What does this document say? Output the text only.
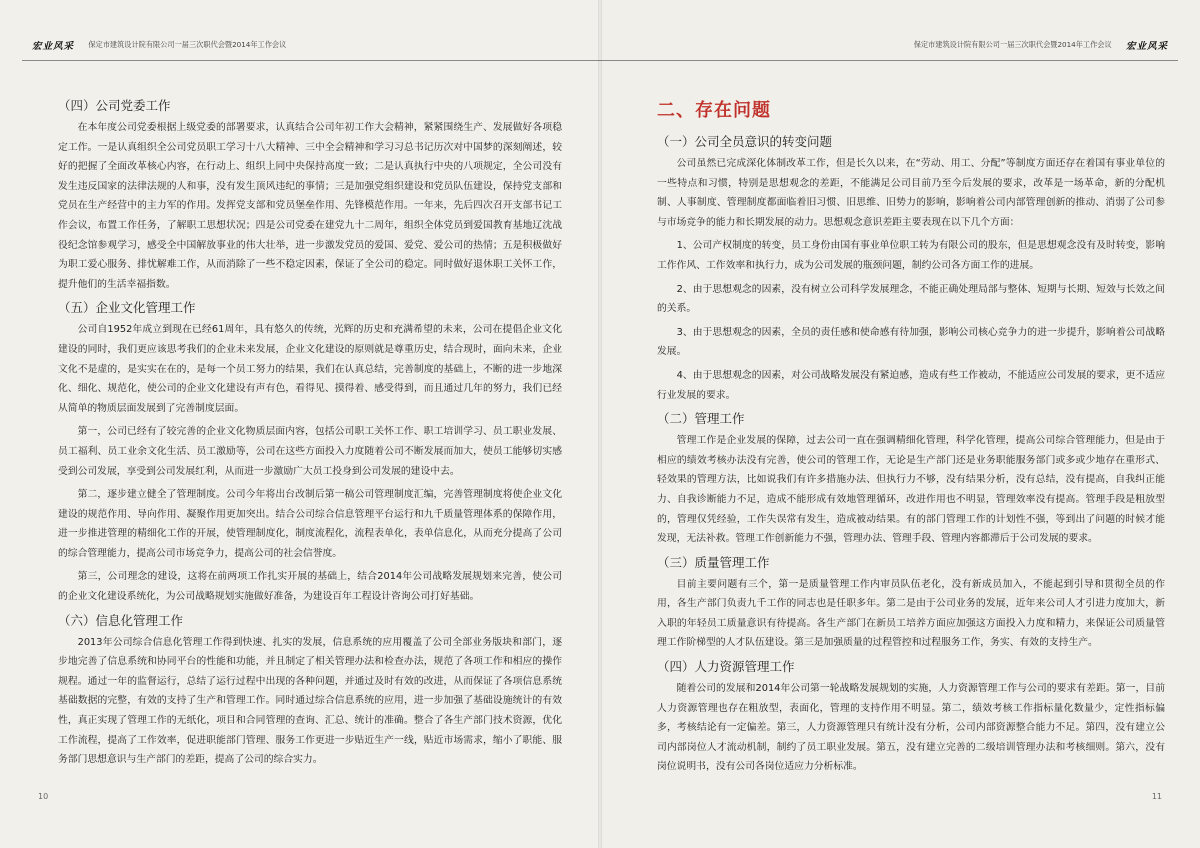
宏业风采 保定市建筑设计院有限公司一届三次职代会暨2014年工作会议
（四）公司党委工作

在本年度公司党委根据上级党委的部署要求，认真结合公司年初工作大会精神，紧紧围绕生产、发展做好各项稳定工作。一是认真组织全公司党员职工学习十八大精神、三中全会精神和学习习总书记历次对中国梦的深刻阐述，较好的把握了全面改革核心内容，在行动上、组织上同中央保持高度一致；二是认真执行中央的八项规定，全公司没有发生违反国家的法律法规的人和事，没有发生顶风违纪的事情；三是加强党组织建设和党员队伍建设，保持党支部和党员在生产经营中的主力军的作用。发挥党支部和党员堡垒作用、先锋模范作用。一年来，先后四次召开支部书记工作会议，布置工作任务，了解职工思想状况；四是公司党委在建党九十二周年，组织全体党员到爱国教育基地辽沈战役纪念馆参观学习，感受全中国解放事业的伟大壮举，进一步激发党员的爱国、爱党、爱公司的热情；五是积极做好为职工爱心服务、排忧解难工作，从而消除了一些不稳定因素，保证了全公司的稳定。同时做好退休职工关怀工作，提升他们的生活幸福指数。

（五）企业文化管理工作

公司自1952年成立到现在已经61周年，具有悠久的传统，光辉的历史和充满希望的未来，公司在提倡企业文化建设的同时，我们更应该思考我们的企业未来发展，企业文化建设的原则就是尊重历史，结合现时，面向未来，企业文化不是虚的，是实实在在的，是每一个员工努力的结果，我们在认真总结，完善制度的基础上，不断的进一步地深化、细化、规范化，使公司的企业文化建设有声有色，看得见、摸得着、感受得到，而且通过几年的努力，我们已经从简单的物质层面发展到了完善制度层面。

第一，公司已经有了较完善的企业文化物质层面内容，包括公司职工关怀工作、职工培训学习、员工职业发展、员工福利、员工业余文化生活、员工激励等，公司在这些方面投入力度随着公司不断发展而加大，使员工能够切实感受到公司发展，享受到公司发展红利，从而进一步激励广大员工投身到公司发展的建设中去。

第二，逐步建立健全了管理制度。公司今年将出台改制后第一稿公司管理制度汇编，完善管理制度将使企业文化建设的规范作用、导向作用、凝聚作用更加突出。结合公司综合信息管理平台运行和九千质量管理体系的保障作用，进一步推进管理的精细化工作的开展，使管理制度化，制度流程化，流程表单化，表单信息化，从而充分提高了公司的综合管理能力，提高公司市场竞争力，提高公司的社会信誉度。

第三，公司理念的建设，这将在前两项工作扎实开展的基础上，结合2014年公司战略发展规划来完善，使公司的企业文化建设系统化，为公司战略规划实施做好准备，为建设百年工程设计咨询公司打好基础。

（六）信息化管理工作

2013年公司综合信息化管理工作得到快速、扎实的发展，信息系统的应用覆盖了公司全部业务版块和部门，逐步地完善了信息系统和协同平台的性能和功能，并且制定了相关管理办法和检查办法，规范了各项工作和相应的操作规程。通过一年的监督运行，总结了运行过程中出现的各种问题，并通过及时有效的改进，从而保证了各项信息系统基础数据的完整，有效的支持了生产和管理工作。同时通过综合信息系统的应用，进一步加强了基础设施统计的有效性，真正实现了管理工作的无纸化，项目和合同管理的查询、汇总、统计的准确。整合了各生产部门技术资源，优化工作流程，提高了工作效率，促进职能部门管理、服务工作更进一步贴近生产一线，贴近市场需求，缩小了职能、服务部门思想意识与生产部门的差距，提高了公司的综合实力。

10
保定市建筑设计院有限公司一届三次职代会暨2014年工作会议 宏业风采
二、存在问题
（一）公司全员意识的转变问题

公司虽然已完成深化体制改革工作，但是长久以来，在“劳动、用工、分配”等制度方面还存在着国有事业单位的一些特点和习惯，特别是思想观念的差距，不能满足公司目前乃至今后发展的要求，改革是一场革命，新的分配机制、人事制度、管理制度都面临着旧习惯、旧思维、旧势力的影响，影响着公司内部管理创新的推动、消弱了公司参与市场竞争的能力和长期发展的动力。思想观念意识差距主要表现在以下几个方面：

1、公司产权制度的转变，员工身份由国有事业单位职工转为有限公司的股东，但是思想观念没有及时转变，影响工作作风、工作效率和执行力，成为公司发展的瓶颈问题，制约公司各方面工作的进展。

2、由于思想观念的因素，没有树立公司科学发展理念，不能正确处理局部与整体、短期与长期、短效与长效之间的关系。

3、由于思想观念的因素，全员的责任感和使命感有待加强，影响公司核心竞争力的进一步提升，影响着公司战略发展。

4、由于思想观念的因素，对公司战略发展没有紧迫感，造成有些工作被动，不能适应公司发展的要求，更不适应行业发展的要求。

（二）管理工作

管理工作是企业发展的保障，过去公司一直在强调精细化管理，科学化管理，提高公司综合管理能力，但是由于相应的绩效考核办法没有完善，使公司的管理工作，无论是生产部门还是业务职能服务部门或多或少地存在重形式、轻效果的管理方法，比如说我们有许多措施办法、但执行力不够，没有结果分析，没有总结，没有提高，自我纠正能力、自我诊断能力不足，造成不能形成有效地管理循环，改进作用也不明显，管理效率没有提高。管理手段是粗放型的，管理仅凭经验，工作失误常有发生，造成被动结果。有的部门管理工作的计划性不强，等到出了问题的时候才能发现，无法补救。管理工作创新能力不强，管理办法、管理手段、管理内容都滞后于公司发展的要求。

（三）质量管理工作

目前主要问题有三个，第一是质量管理工作内审员队伍老化，没有新成员加入，不能起到引导和贯彻全员的作用，各生产部门负责九千工作的同志也是任职多年。第二是由于公司业务的发展，近年来公司人才引进力度加大，新入职的年轻员工质量意识有待提高。各生产部门在新员工培养方面应加强这方面投入力度和精力，来保证公司质量管理工作阶梯型的人才队伍建设。第三是加强质量的过程管控和过程服务工作，务实、有效的支持生产。

（四）人力资源管理工作

随着公司的发展和2014年公司第一轮战略发展规划的实施，人力资源管理工作与公司的要求有差距。第一，目前人力资源管理也存在粗放型，表面化，管理的支持作用不明显。第二，绩效考核工作指标量化数量少，定性指标偏多，考核结论有一定偏差。第三，人力资源管理只有统计没有分析，公司内部资源整合能力不足。第四，没有建立公司内部岗位人才流动机制，制约了员工职业发展。第五，没有建立完善的二级培训管理办法和考核细则。第六，没有岗位说明书，没有公司各岗位适应力分析标准。

11
